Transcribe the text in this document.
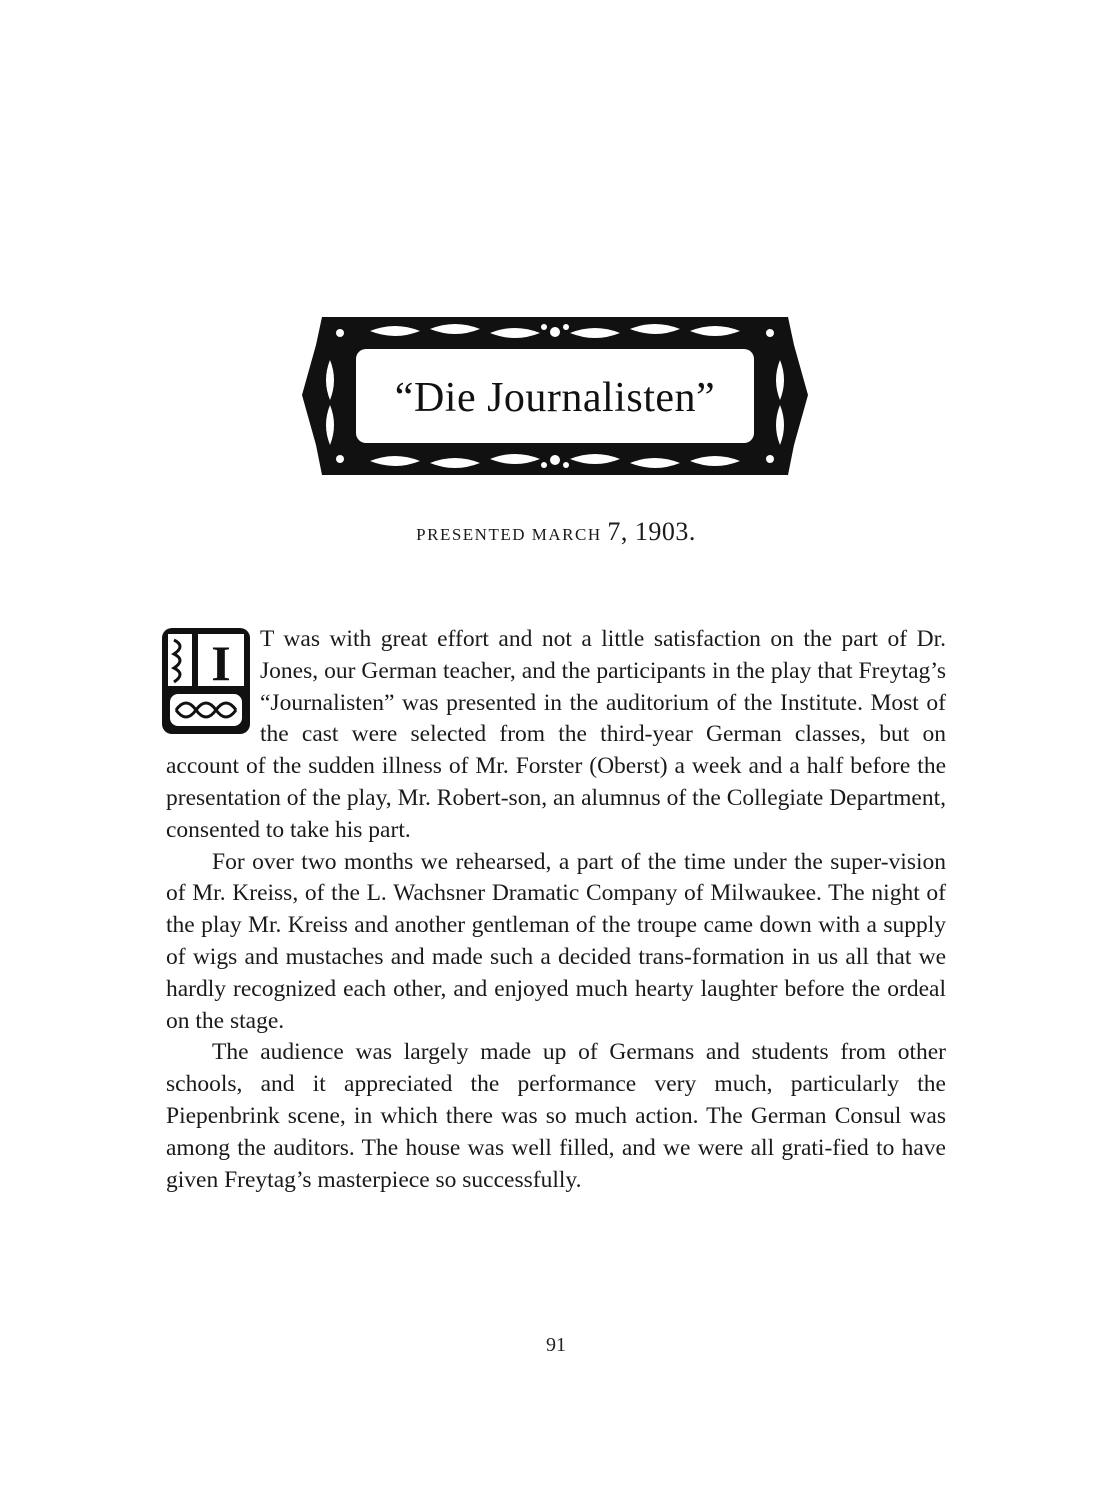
“Die Journalisten”
PRESENTED MARCH 7, 1903.
I	T was with great effort and not a little satisfaction on the part of Dr. Jones, our German teacher, and the participants in the play that Freytag’s “Journalisten” was presented in the auditorium of the Institute. Most of the cast were selected from the third-year German classes, but on account of the sudden illness of Mr. Forster (Oberst) a week and a half before the presentation of the play, Mr. Robert-son, an alumnus of the Collegiate Department, consented to take his part.

For over two months we rehearsed, a part of the time under the super-vision of Mr. Kreiss, of the L. Wachsner Dramatic Company of Milwaukee. The night of the play Mr. Kreiss and another gentleman of the troupe came down with a supply of wigs and mustaches and made such a decided trans-formation in us all that we hardly recognized each other, and enjoyed much hearty laughter before the ordeal on the stage.

The audience was largely made up of Germans and students from other schools, and it appreciated the performance very much, particularly the Piepenbrink scene, in which there was so much action. The German Consul was among the auditors. The house was well filled, and we were all grati-fied to have given Freytag’s masterpiece so successfully.

91
